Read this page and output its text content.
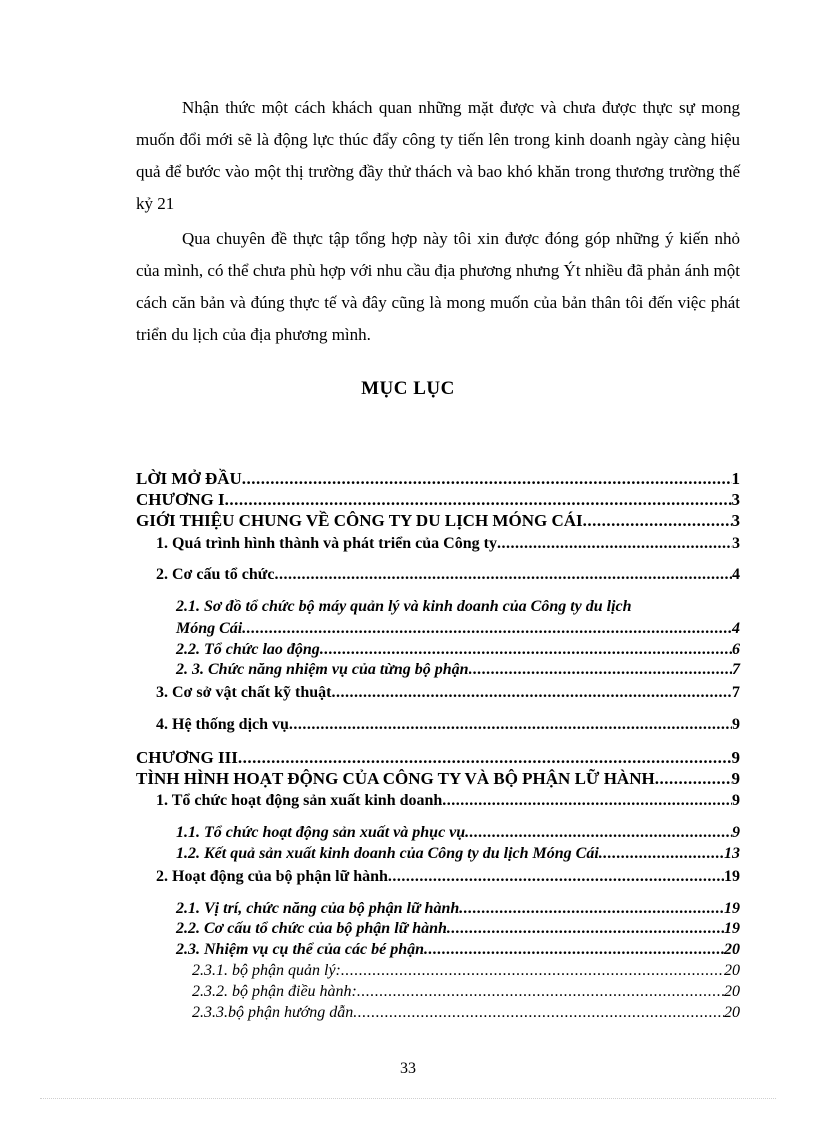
Nhận thức một cách khách quan những mặt được và chưa được thực sự mong muốn đổi mới sẽ là động lực thúc đẩy công ty tiến lên trong kinh doanh ngày càng hiệu quả để bước vào một thị trường đầy thử thách và bao khó khăn trong thương trường thế kỷ 21

Qua chuyên đề thực tập tổng hợp này tôi xin được đóng góp những ý kiến nhỏ của mình, có thể chưa phù hợp với nhu cầu địa phương nhưng Ýt nhiều đã phản ánh một cách căn bản và đúng thực tế và đây cũng là mong muốn của bản thân tôi đến việc phát triển du lịch của địa phương mình.

MỤC LỤC
LỜI MỞ ĐẦU .....	1
CHƯƠNG I .....	3
GIỚI THIỆU CHUNG VỀ CÔNG TY DU LỊCH MÓNG CÁI .....	3
1. Quá trình hình thành và phát triển của Công ty .....	3
2. Cơ cấu tổ chức .....	4
2.1. Sơ đồ tổ chức bộ máy quản lý và kinh doanh của Công ty du lịch
Móng Cái .....	4
2.2. Tổ chức lao động .....	6
2. 3. Chức năng nhiệm vụ của từng bộ phận .....	7
3. Cơ sở vật chất kỹ thuật .....	7
4. Hệ thống dịch vụ .....	9
CHƯƠNG III .....	9
TÌNH HÌNH HOẠT ĐỘNG CỦA CÔNG TY VÀ BỘ PHẬN LỮ HÀNH .....	9
1. Tổ chức hoạt động sản xuất kinh doanh .....	9
1.1. Tổ chức hoạt động sản xuất và phục vụ .....	9
1.2. Kết quả sản xuất kinh doanh của Công ty du lịch Móng Cái .....	13
2. Hoạt động của bộ phận lữ hành .....	19
2.1. Vị trí, chức năng của bộ phận lữ hành .....	19
2.2. Cơ cấu tổ chức của bộ phận lữ hành .....	19
2.3. Nhiệm vụ cụ thể của các bé phận .....	20
2.3.1. bộ phận quản lý: .....	20
2.3.2. bộ phận điều hành: .....	20
2.3.3.bộ phận hướng dẫn .....	20
33
